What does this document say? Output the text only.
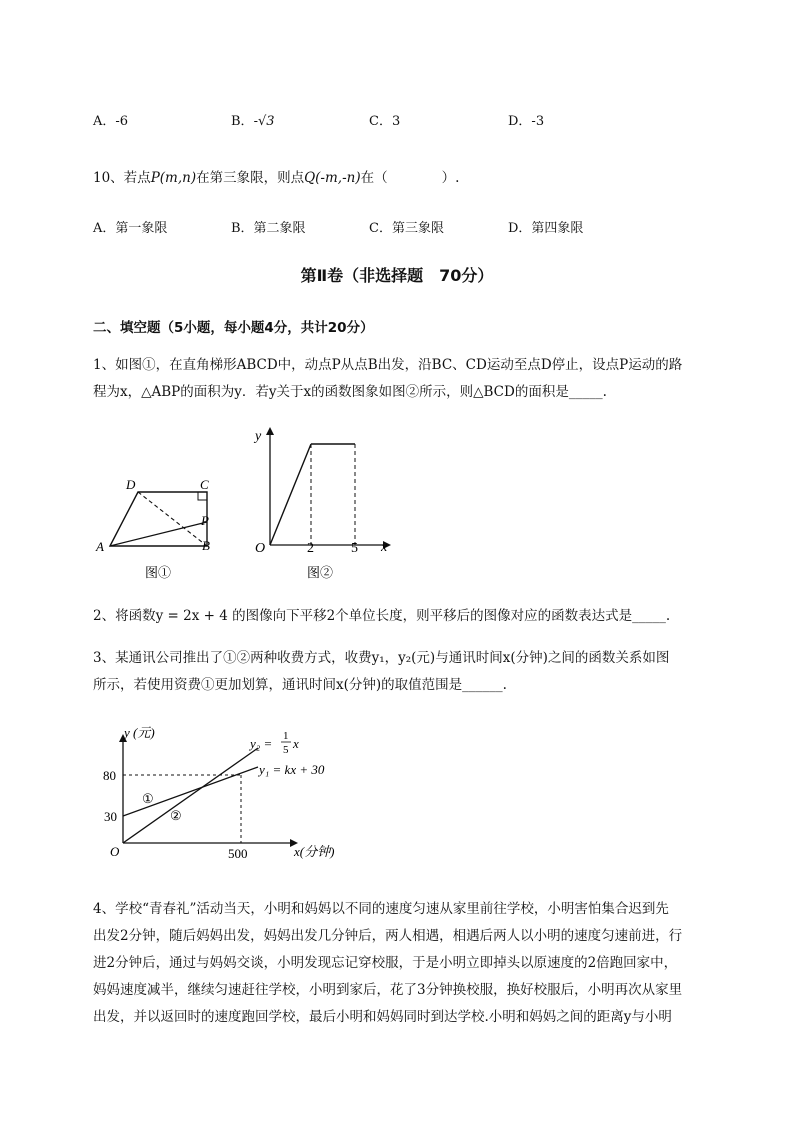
A．-6	B．-√3	C．3	D．-3
10、若点P(m,n)在第三象限，则点Q(-m,-n)在（　　　　）.
A．第一象限	B．第二象限	C．第三象限	D．第四象限
第Ⅱ卷（非选择题　70分）
二、填空题（5小题，每小题4分，共计20分）
1、如图①，在直角梯形ABCD中，动点P从点B出发，沿BC、CD运动至点D停止，设点P运动的路
程为x，△ABP的面积为y．若y关于x的函数图象如图②所示，则△BCD的面积是_____.
D	C
A	B
P
图①
y
x
O	2	5
图②
2、将函数y = 2x + 4 的图像向下平移2个单位长度，则平移后的图像对应的函数表达式是_____.
3、某通讯公司推出了①②两种收费方式，收费y₁，y₂(元)与通讯时间x(分钟)之间的函数关系如图
所示，若使用资费①更加划算，通讯时间x(分钟)的取值范围是______.
y (元)
x(分钟)
O
80
30
500
①
②
y₂ = 1
5 x
y₁ = kx + 30
4、学校“青春礼”活动当天，小明和妈妈以不同的速度匀速从家里前往学校，小明害怕集合迟到先
出发2分钟，随后妈妈出发，妈妈出发几分钟后，两人相遇，相遇后两人以小明的速度匀速前进，行
进2分钟后，通过与妈妈交谈，小明发现忘记穿校服，于是小明立即掉头以原速度的2倍跑回家中，
妈妈速度减半，继续匀速赶往学校，小明到家后，花了3分钟换校服，换好校服后，小明再次从家里
出发，并以返回时的速度跑回学校，最后小明和妈妈同时到达学校.小明和妈妈之间的距离y与小明
